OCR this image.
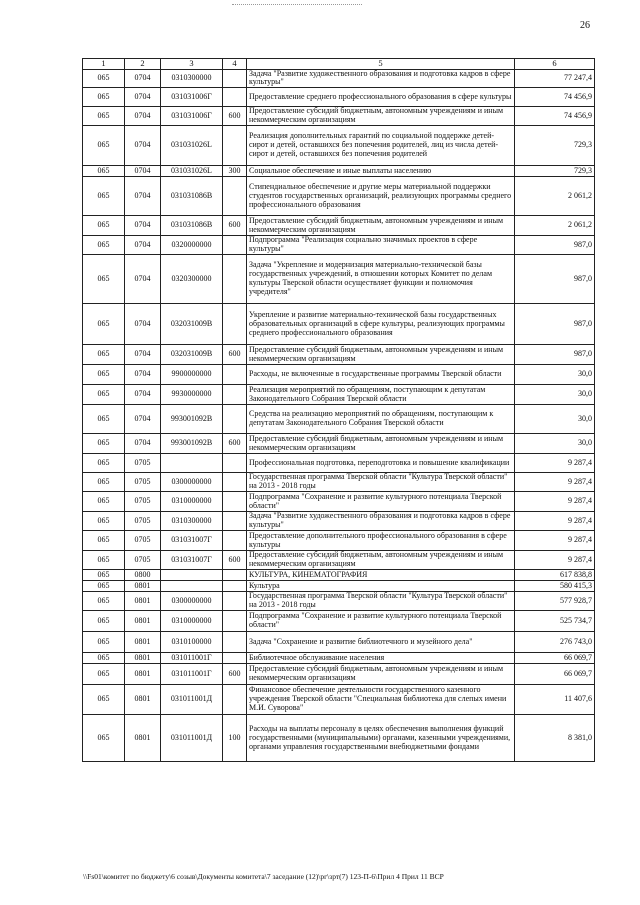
26
1	2	3	4	5	6
065	0704	0310300000		Задача "Развитие художественного образования и подготовка кадров в сфере культуры"	77 247,4
065	0704	031031006Г		Предоставление среднего профессионального образования в сфере культуры	74 456,9
065	0704	031031006Г	600	Предоставление субсидий бюджетным, автономным учреждениям и иным некоммерческим организациям	74 456,9
065	0704	031031026L		Реализация дополнительных гарантий по социальной поддержке детей-сирот и детей, оставшихся без попечения родителей, лиц из числа детей-сирот и детей, оставшихся без попечения родителей	729,3
065	0704	031031026L	300	Социальное обеспечение и иные выплаты населению	729,3
065	0704	031031086В		Стипендиальное обеспечение и другие меры материальной поддержки студентов государственных организаций, реализующих программы среднего профессионального образования	2 061,2
065	0704	031031086В	600	Предоставление субсидий бюджетным, автономным учреждениям и иным некоммерческим организациям	2 061,2
065	0704	0320000000		Подпрограмма "Реализация социально значимых проектов в сфере культуры"	987,0
065	0704	0320300000		Задача "Укрепление и модернизация материально-технической базы государственных учреждений, в отношении которых Комитет по делам культуры Тверской области осуществляет функции и полномочия учредителя"	987,0
065	0704	032031009В		Укрепление и развитие материально-технической базы государственных образовательных организаций в сфере культуры, реализующих программы среднего профессионального образования	987,0
065	0704	032031009В	600	Предоставление субсидий бюджетным, автономным учреждениям и иным некоммерческим организациям	987,0
065	0704	9900000000		Расходы, не включенные в государственные программы Тверской области	30,0
065	0704	9930000000		Реализация мероприятий по обращениям, поступающим к депутатам Законодательного Собрания Тверской области	30,0
065	0704	993001092В		Средства на реализацию мероприятий по обращениям, поступающим к депутатам Законодательного Собрания Тверской области	30,0
065	0704	993001092В	600	Предоставление субсидий бюджетным, автономным учреждениям и иным некоммерческим организациям	30,0
065	0705			Профессиональная подготовка, переподготовка и повышение квалификации	9 287,4
065	0705	0300000000		Государственная программа Тверской области "Культура Тверской области" на 2013 - 2018 годы	9 287,4
065	0705	0310000000		Подпрограмма "Сохранение и развитие культурного потенциала Тверской области"	9 287,4
065	0705	0310300000		Задача "Развитие художественного образования и подготовка кадров в сфере культуры"	9 287,4
065	0705	031031007Г		Предоставление дополнительного профессионального образования в сфере культуры	9 287,4
065	0705	031031007Г	600	Предоставление субсидий бюджетным, автономным учреждениям и иным некоммерческим организациям	9 287,4
065	0800			КУЛЬТУРА, КИНЕМАТОГРАФИЯ	617 838,8
065	0801			Культура	580 415,3
065	0801	0300000000		Государственная программа Тверской области "Культура Тверской области" на 2013 - 2018 годы	577 928,7
065	0801	0310000000		Подпрограмма "Сохранение и развитие культурного потенциала Тверской области"	525 734,7
065	0801	0310100000		Задача "Сохранение и развитие библиотечного и музейного дела"	276 743,0
065	0801	031011001Г		Библиотечное обслуживание населения	66 069,7
065	0801	031011001Г	600	Предоставление субсидий бюджетным, автономным учреждениям и иным некоммерческим организациям	66 069,7
065	0801	031011001Д		Финансовое обеспечение деятельности государственного казенного учреждения Тверской области "Специальная библиотека для слепых имени М.И. Суворова"	11 407,6
065	0801	031011001Д	100	Расходы на выплаты персоналу в целях обеспечения выполнения функций государственными (муниципальными) органами, казенными учреждениями, органами управления государственными внебюджетными фондами	8 381,0
\\Fs01\комитет по бюджету\6 созыв\Документы комитета\7 заседание (12)\рг\зрт(7) 123-П-6\Прил 4 Прил 11 ВСР
